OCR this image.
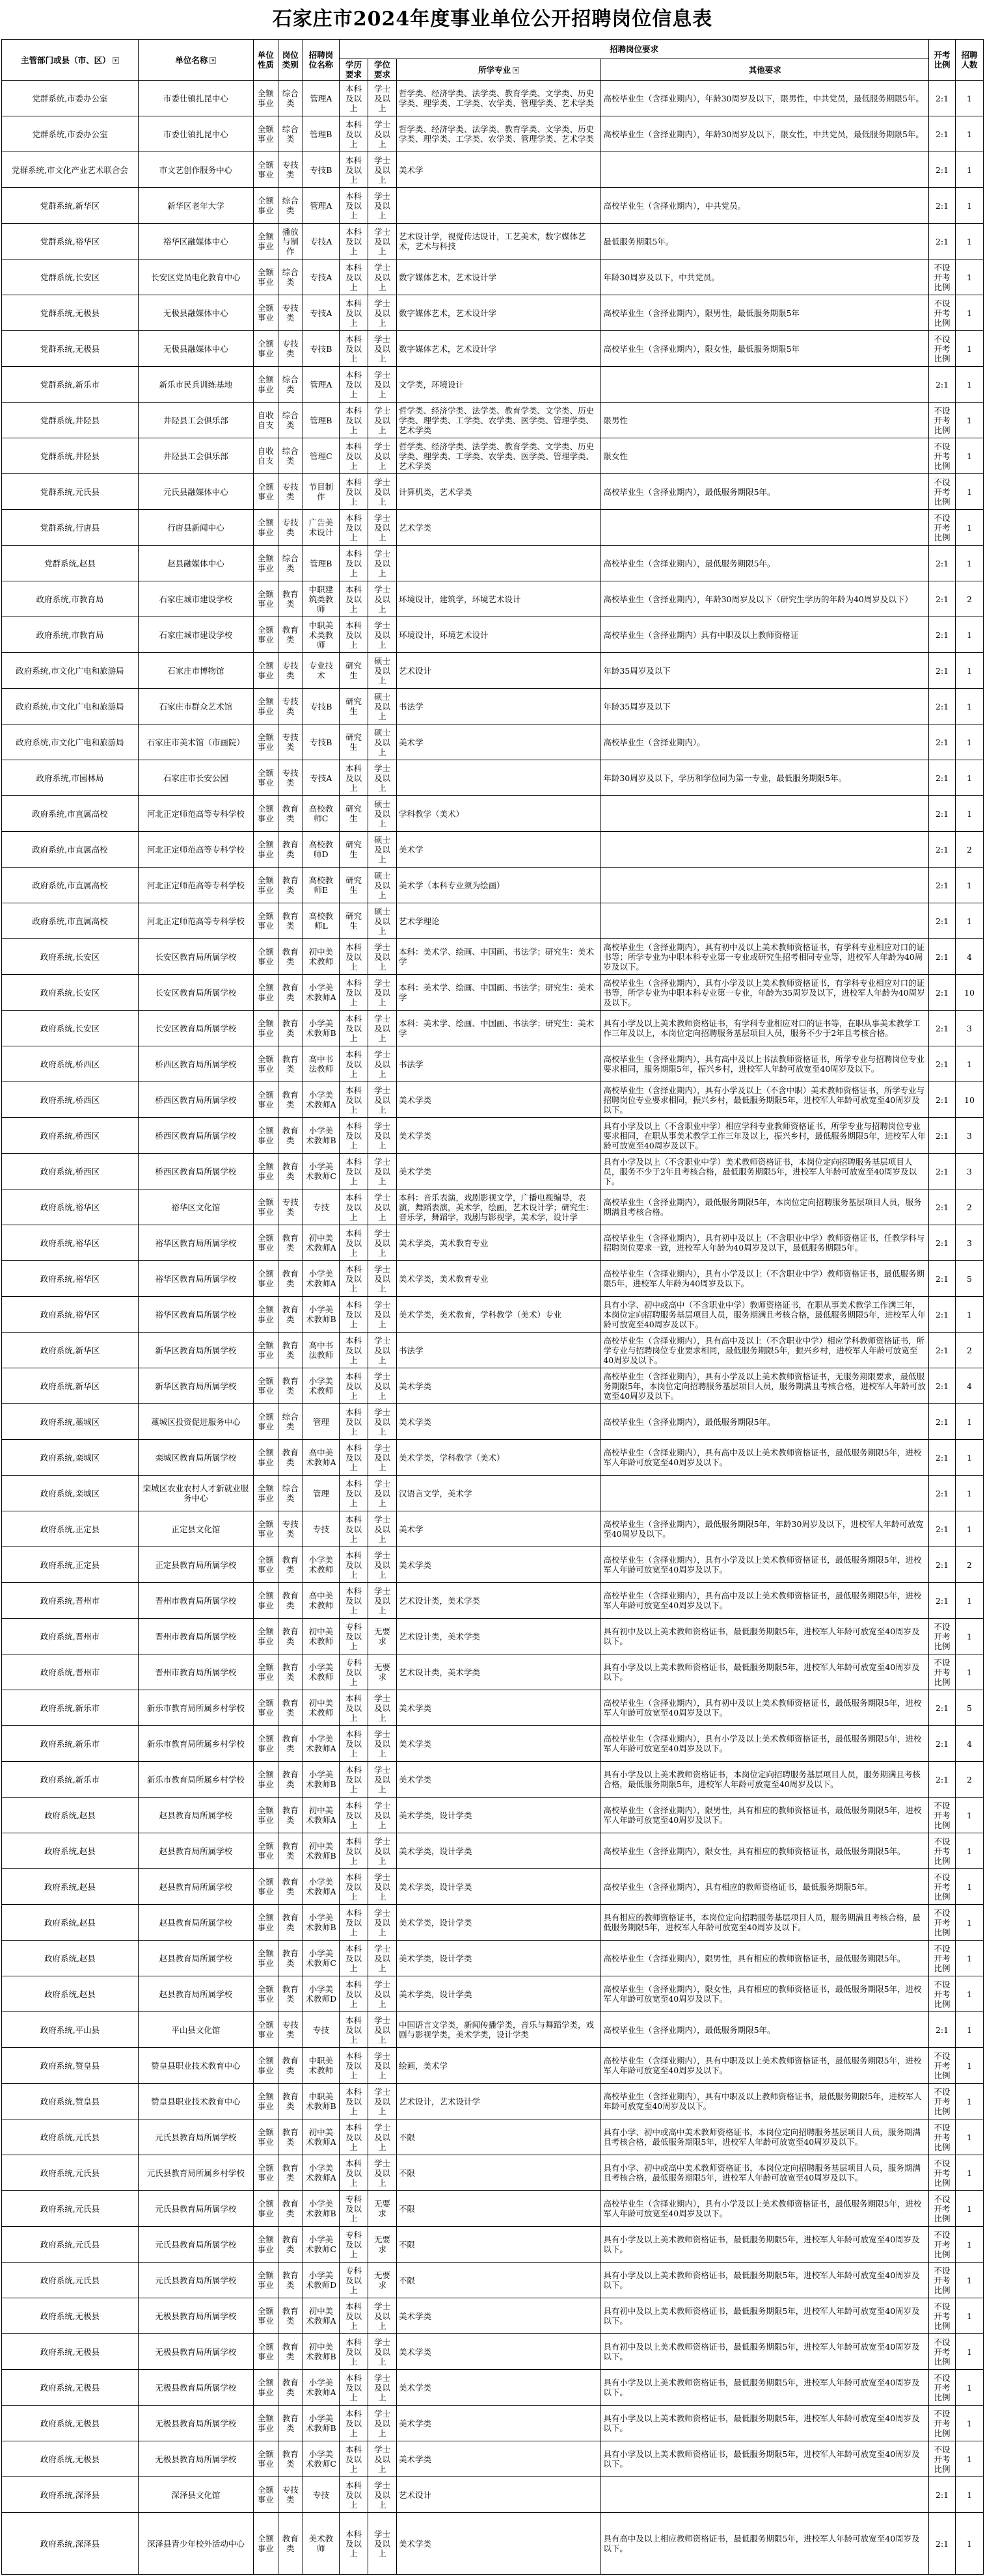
石家庄市2024年度事业单位公开招聘岗位信息表
主管部门或县（市、区） ▾	单位名称 ▾	单位性质	岗位类别	招聘岗位名称	招聘岗位要求				开考比例	招聘人数
					学历要求	学位要求	所学专业 ▾	其他要求		
党群系统,市委办公室	市委仕镇扎昆中心	全额事业	综合类	管理A	本科及以上	学士及以上	哲学类、经济学类、法学类、教育学类、文学类、历史学类、理学类、工学类、农学类、管理学类、艺术学类	高校毕业生（含择业期内），年龄30周岁及以下，限男性，中共党员，最低服务期限5年。	2:1	1
党群系统,市委办公室	市委仕镇扎昆中心	全额事业	综合类	管理B	本科及以上	学士及以上	哲学类、经济学类、法学类、教育学类、文学类、历史学类、理学类、工学类、农学类、管理学类、艺术学类	高校毕业生（含择业期内），年龄30周岁及以下，限女性，中共党员，最低服务期限5年。	2:1	1
党群系统,市文化产业艺术联合会	市文艺创作服务中心	全额事业	专技类	专技B	本科及以上	学士及以上	美术学		2:1	1
党群系统,新华区	新华区老年大学	全额事业	综合类	管理A	本科及以上	学士及以上		高校毕业生（含择业期内），中共党员。	2:1	1
党群系统,裕华区	裕华区融媒体中心	全额事业	播放与制作	专技A	本科及以上	学士及以上	艺术设计学，视觉传达设计，工艺美术，数字媒体艺术，艺术与科技	最低服务期限5年。	2:1	1
党群系统,长安区	长安区党员电化教育中心	全额事业	综合类	专技A	本科及以上	学士及以上	数字媒体艺术，艺术设计学	年龄30周岁及以下，中共党员。	不设开考比例	1
党群系统,无极县	无极县融媒体中心	全额事业	专技类	专技A	本科及以上	学士及以上	数字媒体艺术，艺术设计学	高校毕业生（含择业期内），限男性，最低服务期限5年	不设开考比例	1
党群系统,无极县	无极县融媒体中心	全额事业	专技类	专技B	本科及以上	学士及以上	数字媒体艺术，艺术设计学	高校毕业生（含择业期内），限女性，最低服务期限5年	不设开考比例	1
党群系统,新乐市	新乐市民兵训练基地	全额事业	综合类	管理A	本科及以上	学士及以上	文学类，环境设计		2:1	1
党群系统,井陉县	井陉县工会俱乐部	自收自支	综合类	管理B	本科及以上	学士及以上	哲学类、经济学类、法学类、教育学类、文学类、历史学类、理学类、工学类、农学类、医学类、管理学类、艺术学类	限男性	不设开考比例	1
党群系统,井陉县	井陉县工会俱乐部	自收自支	综合类	管理C	本科及以上	学士及以上	哲学类、经济学类、法学类、教育学类、文学类、历史学类、理学类、工学类、农学类、医学类、管理学类、艺术学类	限女性	不设开考比例	1
党群系统,元氏县	元氏县融媒体中心	全额事业	专技类	节目制作	本科及以上	学士及以上	计算机类，艺术学类	高校毕业生（含择业期内），最低服务期限5年。	不设开考比例	1
党群系统,行唐县	行唐县新闻中心	全额事业	专技类	广告美术设计	本科及以上	学士及以上	艺术学类		不设开考比例	1
党群系统,赵县	赵县融媒体中心	全额事业	综合类	管理B	本科及以上	学士及以上		高校毕业生（含择业期内），最低服务期限5年。	2:1	1
政府系统,市教育局	石家庄城市建设学校	全额事业	教育类	中职建筑类教师	本科及以上	学士及以上	环境设计，建筑学，环境艺术设计	高校毕业生（含择业期内），年龄30周岁及以下（研究生学历的年龄为40周岁及以下）	2:1	2
政府系统,市教育局	石家庄城市建设学校	全额事业	教育类	中职美术类教师	本科及以上	学士及以上	环境设计，环境艺术设计	高校毕业生（含择业期内）具有中职及以上教师资格证	2:1	1
政府系统,市文化广电和旅游局	石家庄市博物馆	全额事业	专技类	专业技术	研究生	硕士及以上	艺术设计	年龄35周岁及以下	2:1	1
政府系统,市文化广电和旅游局	石家庄市群众艺术馆	全额事业	专技类	专技B	研究生	硕士及以上	书法学	年龄35周岁及以下	2:1	1
政府系统,市文化广电和旅游局	石家庄市美术馆（市画院）	全额事业	专技类	专技B	研究生	硕士及以上	美术学	高校毕业生（含择业期内）。	2:1	1
政府系统,市园林局	石家庄市长安公园	全额事业	专技类	专技A	本科及以上	学士及以上		年龄30周岁及以下，学历和学位同为第一专业，最低服务期限5年。	2:1	1
政府系统,市直属高校	河北正定师范高等专科学校	全额事业	教育类	高校教师C	研究生	硕士及以上	学科教学（美术）		2:1	1
政府系统,市直属高校	河北正定师范高等专科学校	全额事业	教育类	高校教师D	研究生	硕士及以上	美术学		2:1	2
政府系统,市直属高校	河北正定师范高等专科学校	全额事业	教育类	高校教师E	研究生	硕士及以上	美术学（本科专业须为绘画）		2:1	1
政府系统,市直属高校	河北正定师范高等专科学校	全额事业	教育类	高校教师L	研究生	硕士及以上	艺术学理论		2:1	1
政府系统,长安区	长安区教育局所属学校	全额事业	教育类	初中美术教师	本科及以上	学士及以上	本科：美术学、绘画、中国画、书法学；研究生：美术学	高校毕业生（含择业期内），具有初中及以上美术教师资格证书，有学科专业相应对口的证书等；所学专业为中职本科专业第一专业或研究生招考相同专业等，进校军人年龄为40周岁及以下。	2:1	4
政府系统,长安区	长安区教育局所属学校	全额事业	教育类	小学美术教师A	本科及以上	学士及以上	本科：美术学、绘画、中国画、书法学；研究生：美术学	高校毕业生（含择业期内），具有小学及以上美术教师资格证书，有学科专业相应对口的证书等，所学专业为中职本科专业第一专业，年龄为35周岁及以下，进校军人年龄为40周岁及以下。	2:1	10
政府系统,长安区	长安区教育局所属学校	全额事业	教育类	小学美术教师B	本科及以上	学士及以上	本科：美术学、绘画、中国画、书法学；研究生：美术学	具有小学及以上美术教师资格证书，有学科专业相应对口的证书等，在职从事美术教学工作三年及以上，本岗位定向招聘服务基层项目人员，服务不少于2年且考核合格。	2:1	3
政府系统,桥西区	桥西区教育局所属学校	全额事业	教育类	高中书法教师	本科及以上	学士及以上	书法学	高校毕业生（含择业期内），具有高中及以上书法教师资格证书，所学专业与招聘岗位专业要求相同，服务期限5年，振兴乡村，进校军人年龄可放宽至40周岁及以下。	2:1	1
政府系统,桥西区	桥西区教育局所属学校	全额事业	教育类	小学美术教师A	本科及以上	学士及以上	美术学类	高校毕业生（含择业期内），具有小学及以上（不含中职）美术教师资格证书，所学专业与招聘岗位专业要求相同，振兴乡村，最低服务期限5年，进校军人年龄可放宽至40周岁及以下。	2:1	10
政府系统,桥西区	桥西区教育局所属学校	全额事业	教育类	小学美术教师B	本科及以上	学士及以上	美术学类	具有小学及以上（不含职业中学）相应学科专业教师资格证书，所学专业与招聘岗位专业要求相同，在职从事美术教学工作三年及以上，振兴乡村，最低服务期限5年，进校军人年龄可放宽至40周岁及以下。	2:1	3
政府系统,桥西区	桥西区教育局所属学校	全额事业	教育类	小学美术教师C	本科及以上	学士及以上	美术学类	具有小学及以上（不含职业中学）美术教师资格证书，本岗位定向招聘服务基层项目人员，服务不少于2年且考核合格，最低服务期限5年，进校军人年龄可放宽至40周岁及以下。	2:1	3
政府系统,裕华区	裕华区文化馆	全额事业	专技类	专技	本科及以上	学士及以上	本科：音乐表演，戏剧影视文学，广播电视编导，表演，舞蹈表演，美术学，绘画，艺术设计学；研究生：音乐学，舞蹈学，戏剧与影视学，美术学，设计学	高校毕业生（含择业期内），最低服务期限5年，本岗位定向招聘服务基层项目人员，服务期满且考核合格。	2:1	2
政府系统,裕华区	裕华区教育局所属学校	全额事业	教育类	初中美术教师A	本科及以上	学士及以上	美术学类，美术教育专业	高校毕业生（含择业期内），具有初中及以上（不含职业中学）教师资格证书，任教学科与招聘岗位要求一致，进校军人年龄为40周岁及以下，最低服务期限5年。	2:1	3
政府系统,裕华区	裕华区教育局所属学校	全额事业	教育类	小学美术教师A	本科及以上	学士及以上	美术学类，美术教育专业	高校毕业生（含择业期内），具有小学及以上（不含职业中学）教师资格证书，最低服务期限5年，进校军人年龄为40周岁及以下。	2:1	5
政府系统,裕华区	裕华区教育局所属学校	全额事业	教育类	小学美术教师B	本科及以上	学士及以上	美术学类，美术教育，学科教学（美术）专业	具有小学、初中或高中（不含职业中学）教师资格证书，在职从事美术教学工作满三年，本岗位定向招聘服务基层项目人员，服务期满且考核合格，最低服务期限5年，进校军人年龄可放宽至40周岁及以下。	2:1	1
政府系统,新华区	新华区教育局所属学校	全额事业	教育类	高中书法教师	本科及以上	学士及以上	书法学	高校毕业生（含择业期内），具有高中及以上（不含职业中学）相应学科教师资格证书，所学专业与招聘岗位专业要求相同，最低服务期限5年，振兴乡村，进校军人年龄可放宽至40周岁及以下。	2:1	2
政府系统,新华区	新华区教育局所属学校	全额事业	教育类	小学美术教师	本科及以上	学士及以上	美术学类	高校毕业生（含择业期内），具有小学及以上美术教师资格证书，无服务期限要求，最低服务期限5年，本岗位定向招聘服务基层项目人员，服务期满且考核合格，进校军人年龄可放宽至40周岁及以下。	2:1	4
政府系统,藁城区	藁城区投资促进服务中心	全额事业	综合类	管理	本科及以上	学士及以上	美术学类	高校毕业生（含择业期内），最低服务期限5年。	2:1	1
政府系统,栾城区	栾城区教育局所属学校	全额事业	教育类	高中美术教师A	本科及以上	学士及以上	美术学类，学科教学（美术）	高校毕业生（含择业期内），具有高中及以上美术教师资格证书，最低服务期限5年，进校军人年龄可放宽至40周岁及以下。	2:1	1
政府系统,栾城区	栾城区农业农村人才新就业服务中心	全额事业	综合类	管理	本科及以上	学士及以上	汉语言文学，美术学		2:1	1
政府系统,正定县	正定县文化馆	全额事业	专技类	专技	本科及以上	学士及以上	美术学	高校毕业生（含择业期内），最低服务期限5年，年龄30周岁及以下，进校军人年龄可放宽至40周岁及以下。	2:1	1
政府系统,正定县	正定县教育局所属学校	全额事业	教育类	小学美术教师	本科及以上	学士及以上	美术学类	高校毕业生（含择业期内），具有小学及以上美术教师资格证书，最低服务期限5年，进校军人年龄可放宽至40周岁及以下。	2:1	2
政府系统,晋州市	晋州市教育局所属学校	全额事业	教育类	高中美术教师	本科及以上	学士及以上	艺术设计类，美术学类	高校毕业生（含择业期内），具有高中及以上美术教师资格证书，最低服务期限5年，进校军人年龄可放宽至40周岁及以下。	2:1	1
政府系统,晋州市	晋州市教育局所属学校	全额事业	教育类	初中美术教师	专科及以上	无要求	艺术设计类，美术学类	具有初中及以上美术教师资格证书，最低服务期限5年，进校军人年龄可放宽至40周岁及以下。	不设开考比例	1
政府系统,晋州市	晋州市教育局所属学校	全额事业	教育类	小学美术教师	专科及以上	无要求	艺术设计类，美术学类	具有小学及以上美术教师资格证书，最低服务期限5年，进校军人年龄可放宽至40周岁及以下。	不设开考比例	1
政府系统,新乐市	新乐市教育局所属乡村学校	全额事业	教育类	初中美术教师	本科及以上	学士及以上	美术学类	高校毕业生（含择业期内），具有初中及以上美术教师资格证书，最低服务期限5年，进校军人年龄可放宽至40周岁及以下。	2:1	5
政府系统,新乐市	新乐市教育局所属乡村学校	全额事业	教育类	小学美术教师A	本科及以上	学士及以上	美术学类	高校毕业生（含择业期内），具有小学及以上美术教师资格证书，最低服务期限5年，进校军人年龄可放宽至40周岁及以下。	2:1	4
政府系统,新乐市	新乐市教育局所属乡村学校	全额事业	教育类	小学美术教师B	本科及以上	学士及以上	美术学类	具有小学及以上美术教师资格证书，本岗位定向招聘服务基层项目人员，服务期满且考核合格，最低服务期限5年，进校军人年龄可放宽至40周岁及以下。	2:1	2
政府系统,赵县	赵县教育局所属学校	全额事业	教育类	初中美术教师A	本科及以上	学士及以上	美术学类，设计学类	高校毕业生（含择业期内），限男性，具有相应的教师资格证书，最低服务期限5年，进校军人年龄可放宽至40周岁及以下。	不设开考比例	1
政府系统,赵县	赵县教育局所属学校	全额事业	教育类	初中美术教师B	本科及以上	学士及以上	美术学类，设计学类	高校毕业生（含择业期内），限女性，具有相应的教师资格证书，最低服务期限5年。	不设开考比例	1
政府系统,赵县	赵县教育局所属学校	全额事业	教育类	小学美术教师A	本科及以上	学士及以上	美术学类，设计学类	高校毕业生（含择业期内），具有相应的教师资格证书，最低服务期限5年。	不设开考比例	1
政府系统,赵县	赵县教育局所属学校	全额事业	教育类	小学美术教师B	本科及以上	学士及以上	美术学类，设计学类	具有相应的教师资格证书，本岗位定向招聘服务基层项目人员，服务期满且考核合格，最低服务期限5年，进校军人年龄可放宽至40周岁及以下。	不设开考比例	1
政府系统,赵县	赵县教育局所属学校	全额事业	教育类	小学美术教师C	本科及以上	学士及以上	美术学类，设计学类	高校毕业生（含择业期内），限男性，具有相应的教师资格证书，最低服务期限5年。	不设开考比例	1
政府系统,赵县	赵县教育局所属学校	全额事业	教育类	小学美术教师D	本科及以上	学士及以上	美术学类，设计学类	高校毕业生（含择业期内），限女性，具有相应的教师资格证书，最低服务期限5年，进校军人年龄可放宽至40周岁及以下。	不设开考比例	1
政府系统,平山县	平山县文化馆	全额事业	专技类	专技	本科及以上	学士及以上	中国语言文学类，新闻传播学类，音乐与舞蹈学类，戏剧与影视学类，美术学类，设计学类	高校毕业生（含择业期内），最低服务期限5年。	2:1	1
政府系统,赞皇县	赞皇县职业技术教育中心	全额事业	教育类	中职美术教师	本科及以上	学士及以上	绘画，美术学	高校毕业生（含择业期内），具有中职及以上美术教师资格证书，最低服务期限5年，进校军人年龄可放宽至40周岁及以下。	不设开考比例	1
政府系统,赞皇县	赞皇县职业技术教育中心	全额事业	教育类	中职美术教师B	本科及以上	学士及以上	艺术设计，艺术设计学	高校毕业生（含择业期内），具有中职及以上教师资格证书，最低服务期限5年，进校军人年龄可放宽至40周岁及以下。	不设开考比例	1
政府系统,元氏县	元氏县教育局所属学校	全额事业	教育类	初中美术教师A	本科及以上	学士及以上	不限	具有小学、初中或高中美术教师资格证书，本岗位定向招聘服务基层项目人员，服务期满且考核合格，最低服务期限5年，进校军人年龄可放宽至40周岁及以下。	不设开考比例	1
政府系统,元氏县	元氏县教育局所属乡村学校	全额事业	教育类	小学美术教师A	本科及以上	学士及以上	不限	具有小学、初中或高中美术教师资格证书，本岗位定向招聘服务基层项目人员，服务期满且考核合格，最低服务期限5年，进校军人年龄可放宽至40周岁及以下。	不设开考比例	1
政府系统,元氏县	元氏县教育局所属学校	全额事业	教育类	小学美术教师B	专科及以上	无要求	不限	高校毕业生（含择业期内），具有小学及以上美术教师资格证书，最低服务期限5年，进校军人年龄可放宽至40周岁及以下。	不设开考比例	1
政府系统,元氏县	元氏县教育局所属学校	全额事业	教育类	小学美术教师C	专科及以上	无要求	不限	具有小学及以上美术教师资格证书，最低服务期限5年，进校军人年龄可放宽至40周岁及以下。	不设开考比例	1
政府系统,元氏县	元氏县教育局所属学校	全额事业	教育类	小学美术教师D	专科及以上	无要求	不限	具有小学及以上美术教师资格证书，最低服务期限5年，进校军人年龄可放宽至40周岁及以下。	不设开考比例	1
政府系统,无极县	无极县教育局所属学校	全额事业	教育类	初中美术教师A	本科及以上	学士及以上	美术学类	具有初中及以上美术教师资格证书，最低服务期限5年，进校军人年龄可放宽至40周岁及以下。	不设开考比例	1
政府系统,无极县	无极县教育局所属学校	全额事业	教育类	初中美术教师B	本科及以上	学士及以上	美术学类	具有初中及以上美术教师资格证书，最低服务期限5年，进校军人年龄可放宽至40周岁及以下。	不设开考比例	1
政府系统,无极县	无极县教育局所属学校	全额事业	教育类	小学美术教师A	本科及以上	学士及以上	美术学类	具有小学及以上美术教师资格证书，最低服务期限5年，进校军人年龄可放宽至40周岁及以下。	不设开考比例	1
政府系统,无极县	无极县教育局所属学校	全额事业	教育类	小学美术教师B	本科及以上	学士及以上	美术学类	具有小学及以上美术教师资格证书，最低服务期限5年，进校军人年龄可放宽至40周岁及以下。	不设开考比例	1
政府系统,无极县	无极县教育局所属学校	全额事业	教育类	小学美术教师C	本科及以上	学士及以上	美术学类	具有小学及以上美术教师资格证书，最低服务期限5年，进校军人年龄可放宽至40周岁及以下。	不设开考比例	1
政府系统,深泽县	深泽县文化馆	全额事业	专技类	专技	本科及以上	学士及以上	艺术设计		2:1	1
政府系统,深泽县	深泽县青少年校外活动中心	全额事业	教育类	美术教师	本科及以上	学士及以上	美术学类	具有高中及以上相应教师资格证书，最低服务期限5年，进校军人年龄可放宽至40周岁及以下。	2:1	1
